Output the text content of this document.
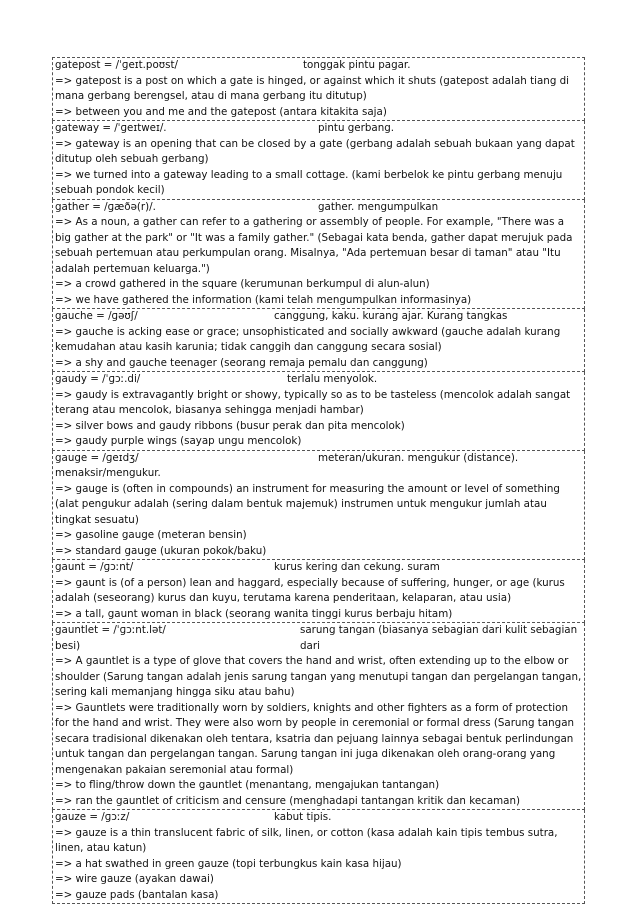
gatepost = /ˈɡeɪt.poʊst/	tonggak pintu pagar.

=> gatepost is a post on which a gate is hinged, or against which it shuts (gatepost adalah tiang di mana gerbang berengsel, atau di mana gerbang itu ditutup)

=> between you and me and the gatepost (antara kitakita saja)

gateway = /ˈɡeɪtweɪ/.	pintu gerbang.

=> gateway is an opening that can be closed by a gate (gerbang adalah sebuah bukaan yang dapat ditutup oleh sebuah gerbang)

=> we turned into a gateway leading to a small cottage. (kami berbelok ke pintu gerbang menuju sebuah pondok kecil)

gather = /ɡæðə(r)/.	gather. mengumpulkan

=> As a noun, a gather can refer to a gathering or assembly of people. For example, "There was a big gather at the park" or "It was a family gather." (Sebagai kata benda, gather dapat merujuk pada sebuah pertemuan atau perkumpulan orang. Misalnya, "Ada pertemuan besar di taman" atau "Itu adalah pertemuan keluarga.")

=> a crowd gathered in the square (kerumunan berkumpul di alun-alun)

=> we have gathered the information (kami telah mengumpulkan informasinya)

gauche = /ɡəʊʃ/	canggung, kaku. kurang ajar. Kurang tangkas

=> gauche is acking ease or grace; unsophisticated and socially awkward (gauche adalah kurang kemudahan atau kasih karunia; tidak canggih dan canggung secara sosial)

=> a shy and gauche teenager (seorang remaja pemalu dan canggung)

gaudy = /ˈɡɔː.di/	terlalu menyolok.

=> gaudy is extravagantly bright or showy, typically so as to be tasteless (mencolok adalah sangat terang atau mencolok, biasanya sehingga menjadi hambar)

=> silver bows and gaudy ribbons (busur perak dan pita mencolok)

=> gaudy purple wings (sayap ungu mencolok)

gauge = /ɡeɪdʒ/	meteran/ukuran. mengukur (distance).

menaksir/mengukur.

=> gauge is (often in compounds) an instrument for measuring the amount or level of something (alat pengukur adalah (sering dalam bentuk majemuk) instrumen untuk mengukur jumlah atau tingkat sesuatu)

=> gasoline gauge (meteran bensin)

=> standard gauge (ukuran pokok/baku)

gaunt = /ɡɔːnt/	kurus kering dan cekung. suram

=> gaunt is (of a person) lean and haggard, especially because of suffering, hunger, or age (kurus adalah (seseorang) kurus dan kuyu, terutama karena penderitaan, kelaparan, atau usia)

=> a tall, gaunt woman in black (seorang wanita tinggi kurus berbaju hitam)

gauntlet = /ˈɡɔːnt.lət/	sarung tangan (biasanya sebagian dari kulit sebagian dari

besi)

=> A gauntlet is a type of glove that covers the hand and wrist, often extending up to the elbow or shoulder (Sarung tangan adalah jenis sarung tangan yang menutupi tangan dan pergelangan tangan, sering kali memanjang hingga siku atau bahu)

=> Gauntlets were traditionally worn by soldiers, knights and other fighters as a form of protection for the hand and wrist. They were also worn by people in ceremonial or formal dress (Sarung tangan secara tradisional dikenakan oleh tentara, ksatria dan pejuang lainnya sebagai bentuk perlindungan untuk tangan dan pergelangan tangan. Sarung tangan ini juga dikenakan oleh orang-orang yang mengenakan pakaian seremonial atau formal)

=> to fling/throw down the gauntlet (menantang, mengajukan tantangan)

=> ran the gauntlet of criticism and censure (menghadapi tantangan kritik dan kecaman)

gauze = /ɡɔːz/	kabut tipis.

=> gauze is a thin translucent fabric of silk, linen, or cotton (kasa adalah kain tipis tembus sutra, linen, atau katun)

=> a hat swathed in green gauze (topi terbungkus kain kasa hijau)

=> wire gauze (ayakan dawai)

=> gauze pads (bantalan kasa)
